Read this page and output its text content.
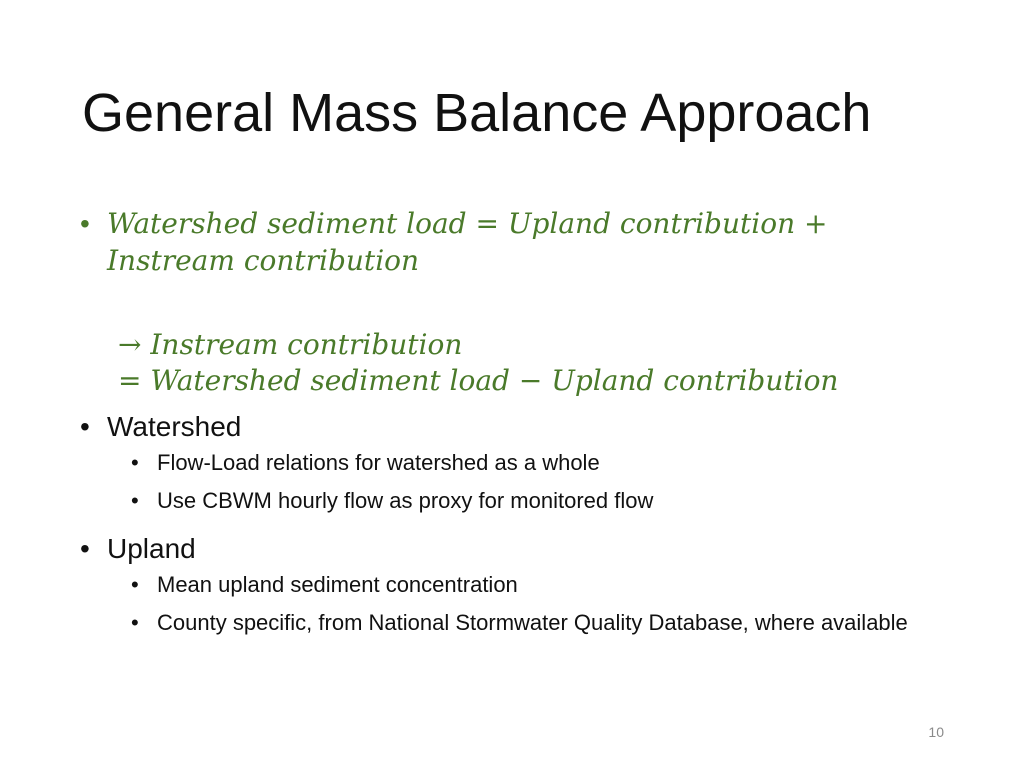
General Mass Balance Approach
• Watershed sediment load = Upland contribution +
Instream contribution
→ Instream contribution
= Watershed sediment load − Upland contribution
• Watershed
• Flow-Load relations for watershed as a whole
• Use CBWM hourly flow as proxy for monitored flow
• Upland
• Mean upland sediment concentration
• County specific, from National Stormwater Quality Database, where available
10
